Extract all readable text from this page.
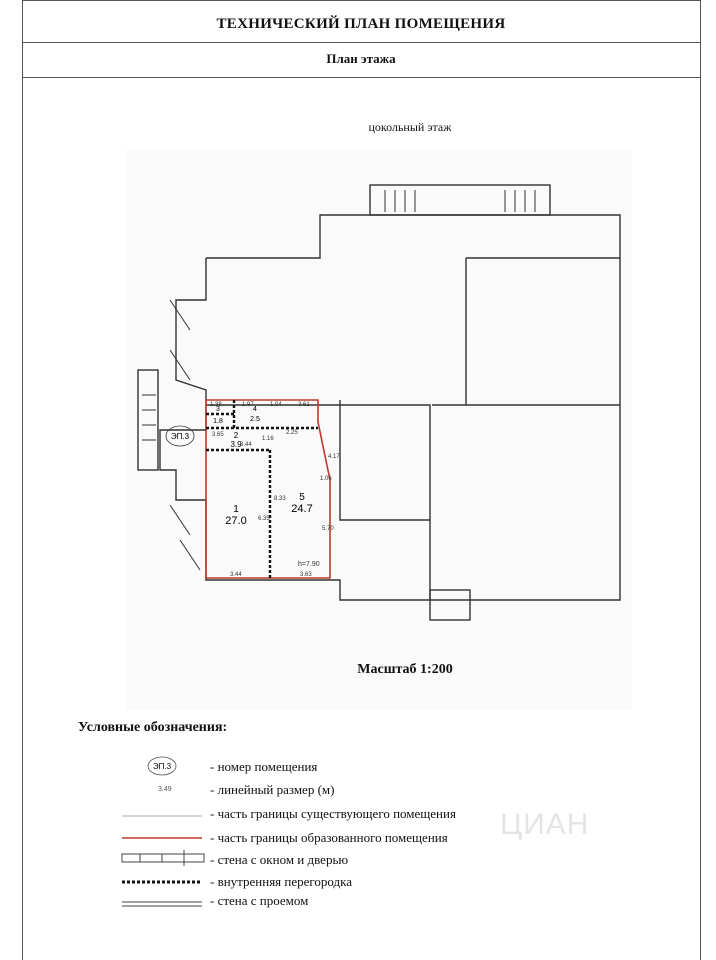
ТЕХНИЧЕСКИЙ ПЛАН ПОМЕЩЕНИЯ
План этажа
цокольный этаж
ЭП.3
1
27.0
2
3.9
3
1.8
4
2.5
5
24.7
3.61
2.25
1.06
4.17
5.70
8.33
6.35
3.44	3.63
3.44
1.38	1.97	1.04
1.16
3.65
h=7.90
Масштаб 1:200
Условные обозначения:
ЭП.3
3.49
- номер помещения
- линейный размер (м)
- часть границы существующего помещения
- часть границы образованного помещения
- стена с окном и дверью
- внутренняя перегородка
- стена с проемом
ЦИАН
